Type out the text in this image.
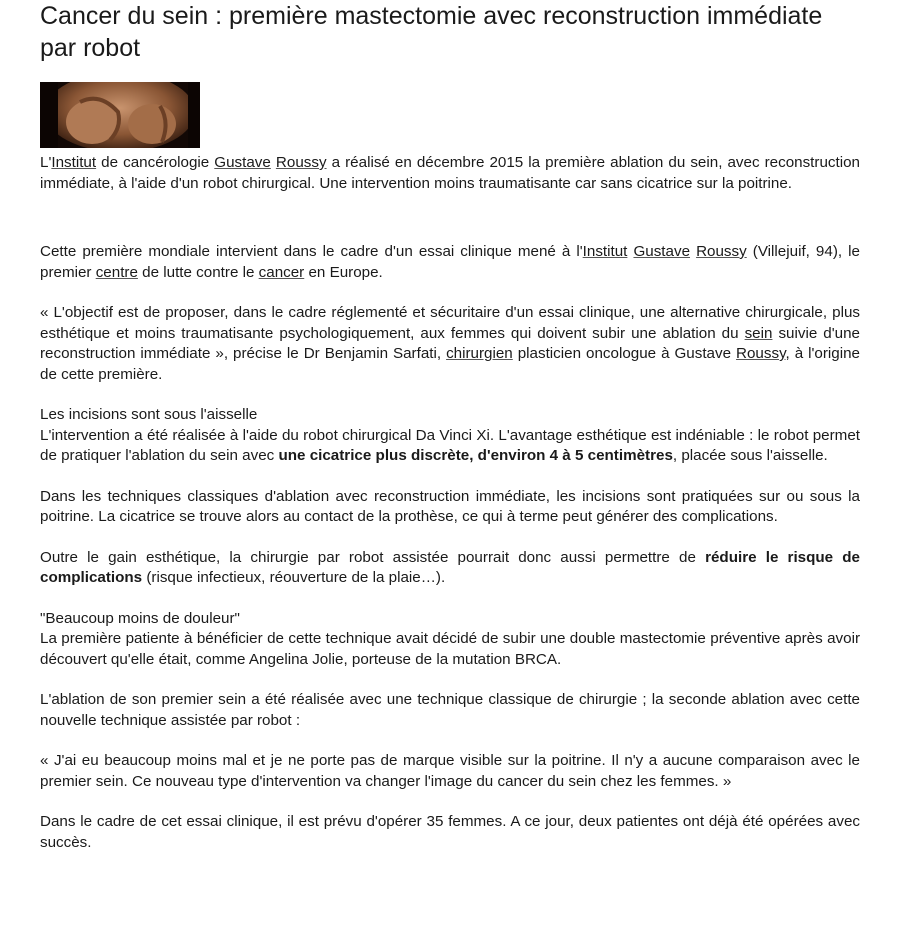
Cancer du sein : première mastectomie avec reconstruction immédiate par robot

L'Institut de cancérologie Gustave Roussy a réalisé en décembre 2015 la première ablation du sein, avec reconstruction immédiate, à l'aide d'un robot chirurgical. Une intervention moins traumatisante car sans cicatrice sur la poitrine.

Cette première mondiale intervient dans le cadre d'un essai clinique mené à l'Institut Gustave Roussy (Villejuif, 94), le premier centre de lutte contre le cancer en Europe.

« L'objectif est de proposer, dans le cadre réglementé et sécuritaire d'un essai clinique, une alternative chirurgicale, plus esthétique et moins traumatisante psychologiquement, aux femmes qui doivent subir une ablation du sein suivie d'une reconstruction immédiate », précise le Dr Benjamin Sarfati, chirurgien plasticien oncologue à Gustave Roussy, à l'origine de cette première.

Les incisions sont sous l'aisselle

L'intervention a été réalisée à l'aide du robot chirurgical Da Vinci Xi. L'avantage esthétique est indéniable : le robot permet de pratiquer l'ablation du sein avec une cicatrice plus discrète, d'environ 4 à 5 centimètres, placée sous l'aisselle.

Dans les techniques classiques d'ablation avec reconstruction immédiate, les incisions sont pratiquées sur ou sous la poitrine. La cicatrice se trouve alors au contact de la prothèse, ce qui à terme peut générer des complications.

Outre le gain esthétique, la chirurgie par robot assistée pourrait donc aussi permettre de réduire le risque de complications (risque infectieux, réouverture de la plaie…).

"Beaucoup moins de douleur"

La première patiente à bénéficier de cette technique avait décidé de subir une double mastectomie préventive après avoir découvert qu'elle était, comme Angelina Jolie, porteuse de la mutation BRCA.

L'ablation de son premier sein a été réalisée avec une technique classique de chirurgie ; la seconde ablation avec cette nouvelle technique assistée par robot :

« J'ai eu beaucoup moins mal et je ne porte pas de marque visible sur la poitrine. Il n'y a aucune comparaison avec le premier sein. Ce nouveau type d'intervention va changer l'image du cancer du sein chez les femmes. »

Dans le cadre de cet essai clinique, il est prévu d'opérer 35 femmes. A ce jour, deux patientes ont déjà été opérées avec succès.
